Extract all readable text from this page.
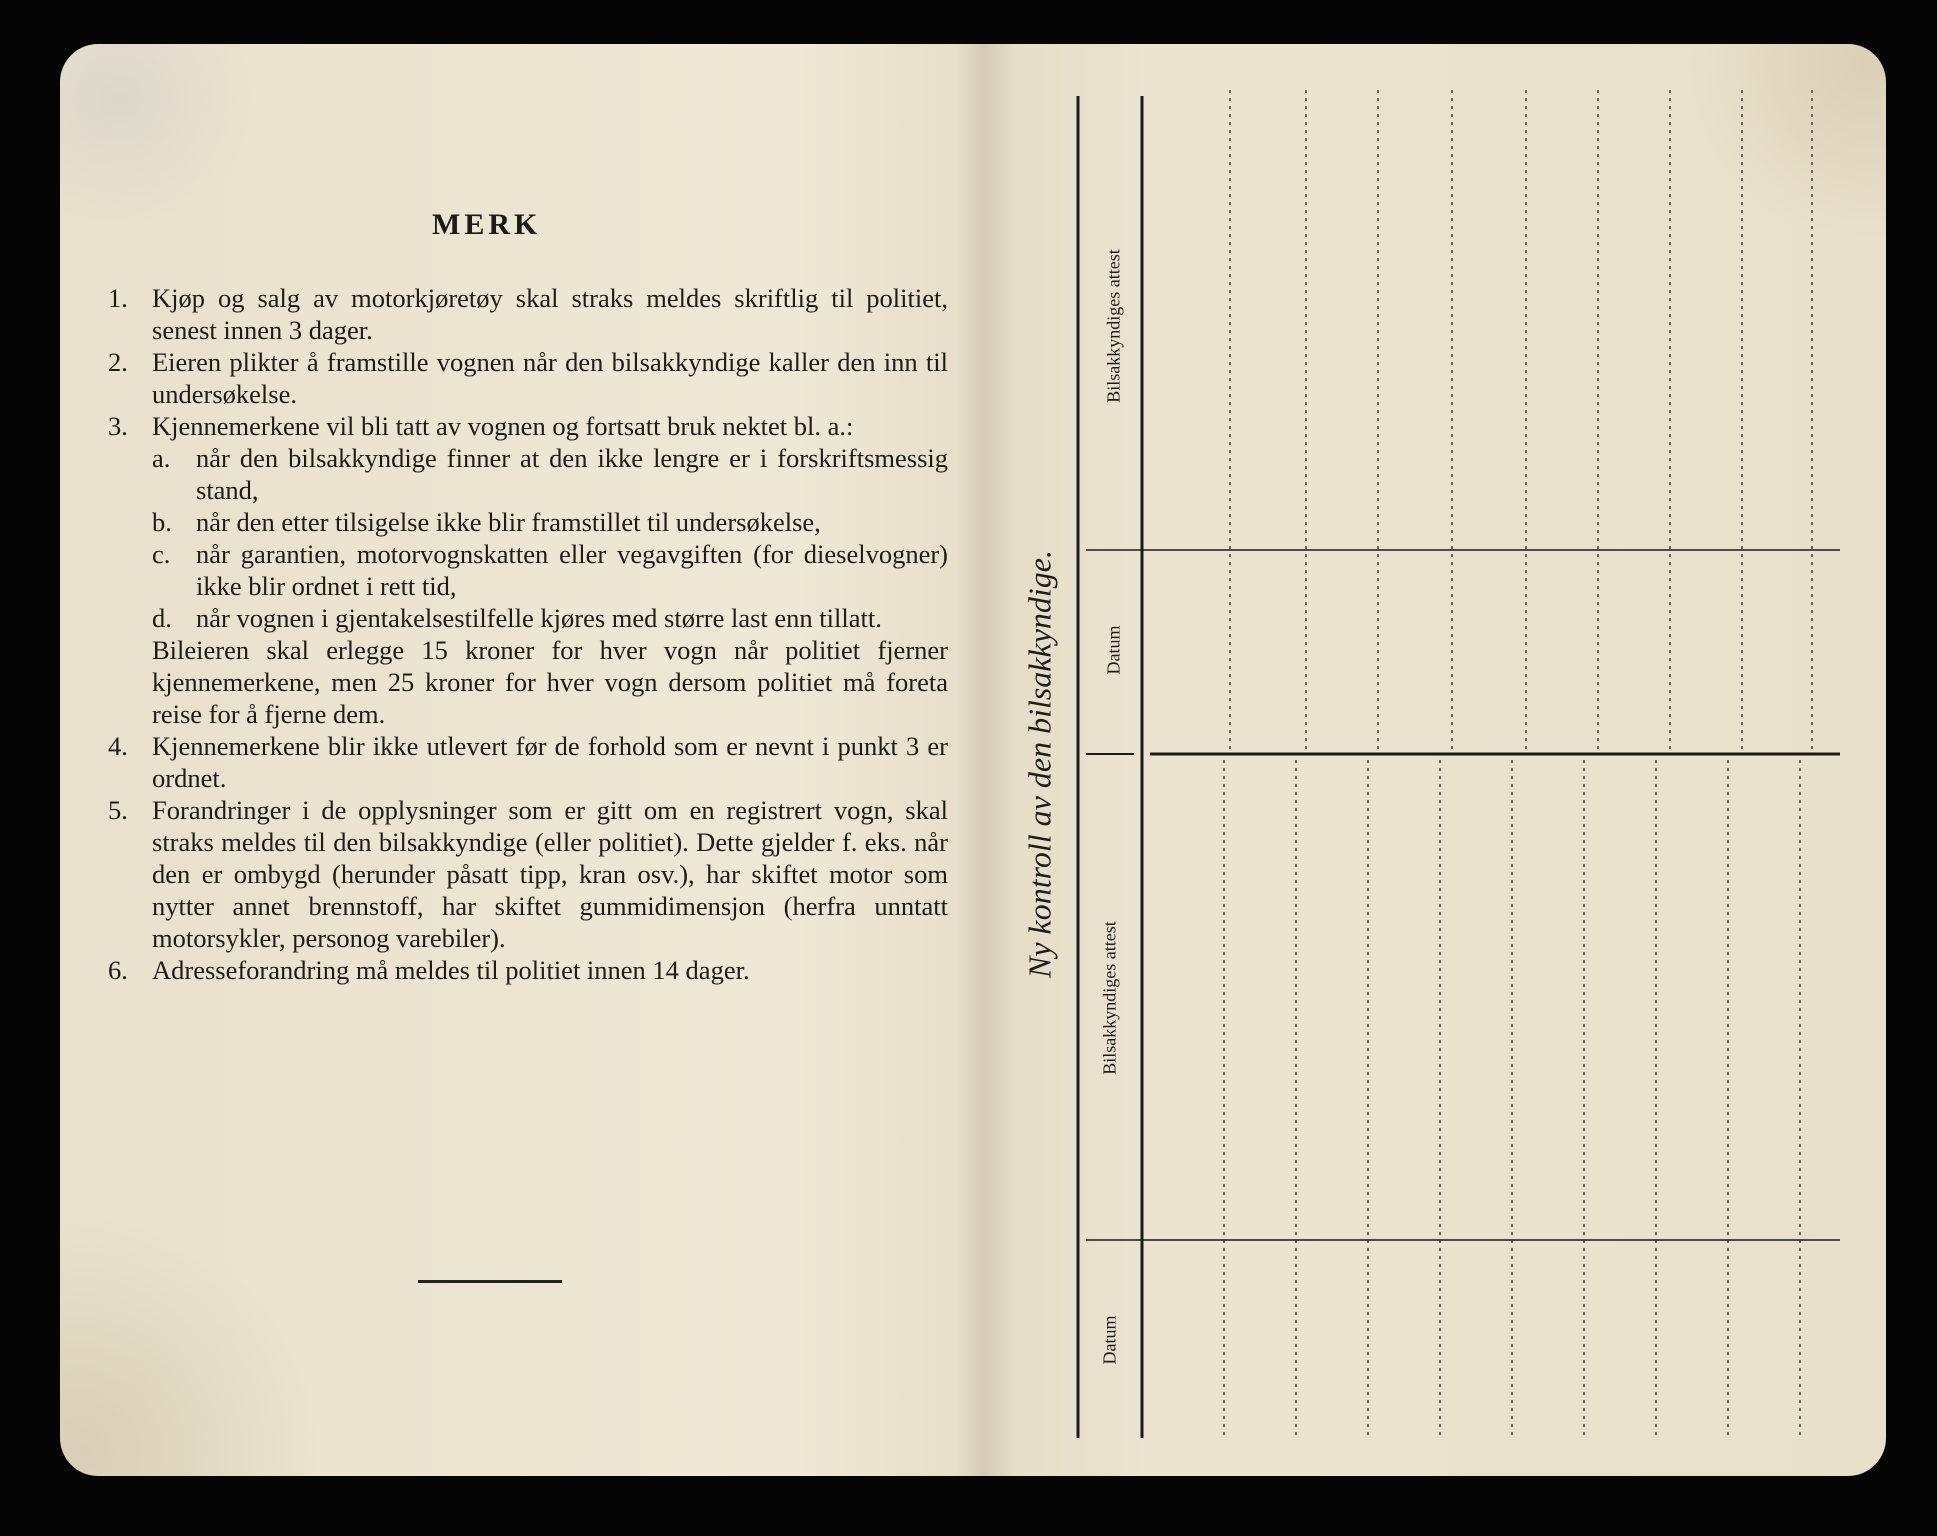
MERK
1. Kjøp og salg av motorkjøretøy skal straks meldes skriftlig til politiet, senest innen 3 dager.
2. Eieren plikter å framstille vognen når den bilsakkyndige kaller den inn til undersøkelse.
3. Kjennemerkene vil bli tatt av vognen og fortsatt bruk nektet bl. a.:
a. når den bilsakkyndige finner at den ikke lengre er i forskriftsmessig stand,
b. når den etter tilsigelse ikke blir framstillet til undersøkelse,
c. når garantien, motorvognskatten eller vegavgiften (for dieselvogner) ikke blir ordnet i rett tid,
d. når vognen i gjentakelsestilfelle kjøres med større last enn tillatt.
Bileieren skal erlegge 15 kroner for hver vogn når politiet fjerner kjennemerkene, men 25 kroner for hver vogn dersom politiet må foreta reise for å fjerne dem.
4. Kjennemerkene blir ikke utlevert før de forhold som er nevnt i punkt 3 er ordnet.
5. Forandringer i de opplysninger som er gitt om en registrert vogn, skal straks meldes til den bilsakkyndige (eller politiet). Dette gjelder f. eks. når den er ombygd (herunder påsatt tipp, kran osv.), har skiftet motor som nytter annet brennstoff, har skiftet gummidimensjon (herfra unntatt motorsykler, personog varebiler).
6. Adresseforandring må meldes til politiet innen 14 dager.	Ny kontroll av den bilsakkyndige.
Bilsakkyndiges attest
Datum
Bilsakkyndiges attest
Datum
